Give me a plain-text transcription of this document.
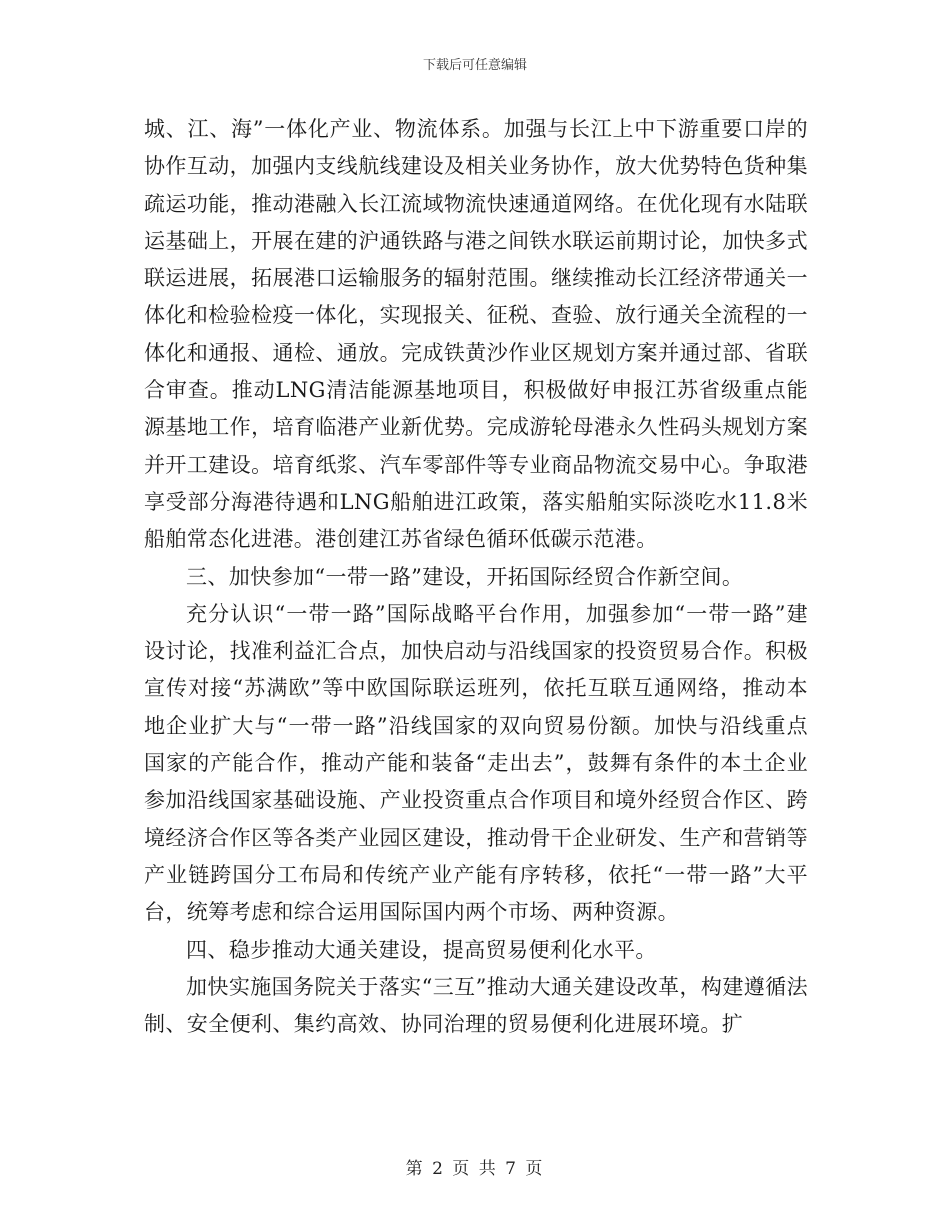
下载后可任意编辑

城、江、海”一体化产业、物流体系。加强与长江上中下游重要口岸的协作互动，加强内支线航线建设及相关业务协作，放大优势特色货种集疏运功能，推动港融入长江流域物流快速通道网络。在优化现有水陆联运基础上，开展在建的沪通铁路与港之间铁水联运前期讨论，加快多式联运进展，拓展港口运输服务的辐射范围。继续推动长江经济带通关一体化和检验检疫一体化，实现报关、征税、查验、放行通关全流程的一体化和通报、通检、通放。完成铁黄沙作业区规划方案并通过部、省联合审查。推动LNG清洁能源基地项目，积极做好申报江苏省级重点能源基地工作，培育临港产业新优势。完成游轮母港永久性码头规划方案并开工建设。培育纸浆、汽车零部件等专业商品物流交易中心。争取港享受部分海港待遇和LNG船舶进江政策，落实船舶实际淡吃水11.8米船舶常态化进港。港创建江苏省绿色循环低碳示范港。

三、加快参加“一带一路”建设，开拓国际经贸合作新空间。

充分认识“一带一路”国际战略平台作用，加强参加“一带一路”建设讨论，找准利益汇合点，加快启动与沿线国家的投资贸易合作。积极宣传对接“苏满欧”等中欧国际联运班列，依托互联互通网络，推动本地企业扩大与“一带一路”沿线国家的双向贸易份额。加快与沿线重点国家的产能合作，推动产能和装备“走出去”，鼓舞有条件的本土企业参加沿线国家基础设施、产业投资重点合作项目和境外经贸合作区、跨境经济合作区等各类产业园区建设，推动骨干企业研发、生产和营销等产业链跨国分工布局和传统产业产能有序转移，依托“一带一路”大平台，统筹考虑和综合运用国际国内两个市场、两种资源。

四、稳步推动大通关建设，提高贸易便利化水平。

加快实施国务院关于落实“三互”推动大通关建设改革，构建遵循法制、安全便利、集约高效、协同治理的贸易便利化进展环境。扩

第 2 页 共 7 页
